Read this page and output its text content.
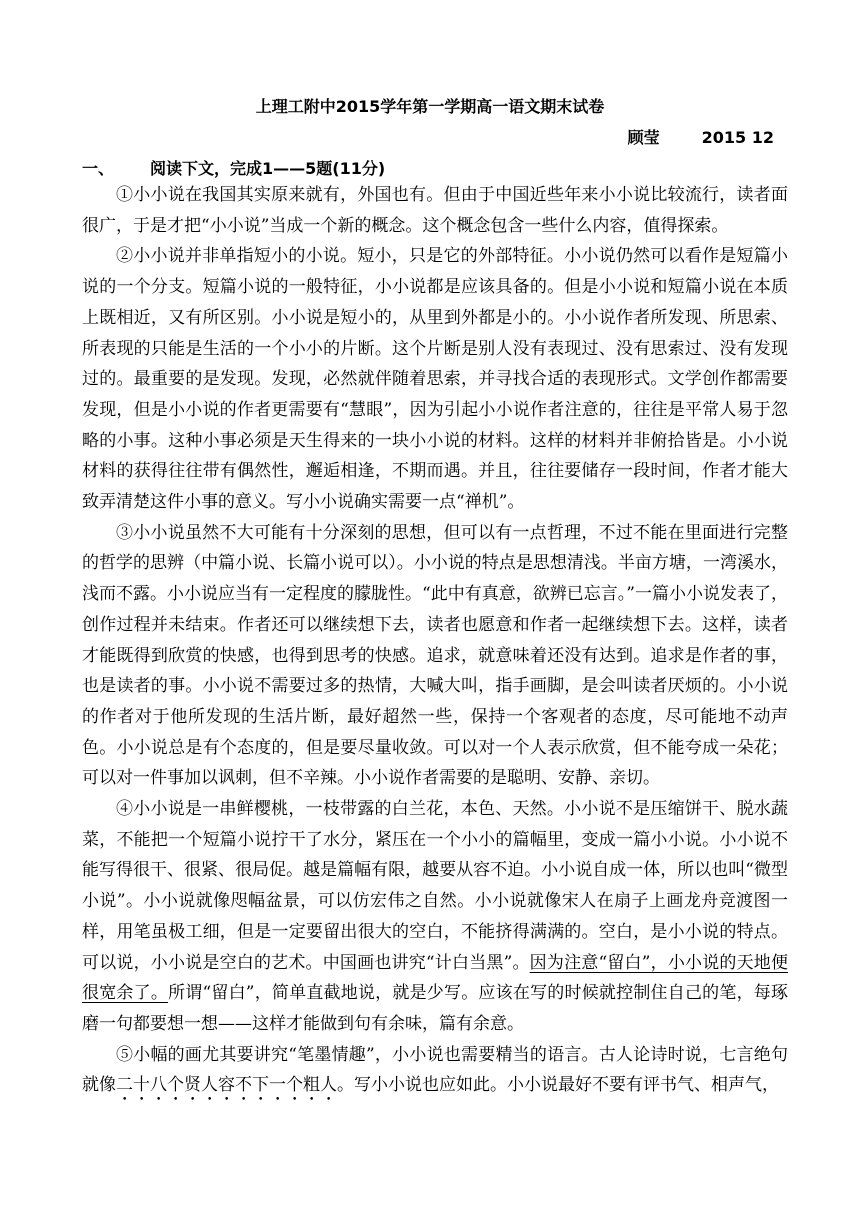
上理工附中2015学年第一学期高一语文期末试卷
顾莹	2015 12
一、 阅读下文，完成1——5题(11分)

①小小说在我国其实原来就有，外国也有。但由于中国近些年来小小说比较流行，读者面很广，于是才把“小小说”当成一个新的概念。这个概念包含一些什么内容，值得探索。

②小小说并非单指短小的小说。短小，只是它的外部特征。小小说仍然可以看作是短篇小说的一个分支。短篇小说的一般特征，小小说都是应该具备的。但是小小说和短篇小说在本质上既相近，又有所区别。小小说是短小的，从里到外都是小的。小小说作者所发现、所思索、所表现的只能是生活的一个小小的片断。这个片断是别人没有表现过、没有思索过、没有发现过的。最重要的是发现。发现，必然就伴随着思索，并寻找合适的表现形式。文学创作都需要发现，但是小小说的作者更需要有“慧眼”，因为引起小小说作者注意的，往往是平常人易于忽略的小事。这种小事必须是天生得来的一块小小说的材料。这样的材料并非俯拾皆是。小小说材料的获得往往带有偶然性，邂逅相逢，不期而遇。并且，往往要储存一段时间，作者才能大致弄清楚这件小事的意义。写小小说确实需要一点“禅机”。

③小小说虽然不大可能有十分深刻的思想，但可以有一点哲理，不过不能在里面进行完整的哲学的思辨（中篇小说、长篇小说可以）。小小说的特点是思想清浅。半亩方塘，一湾溪水，浅而不露。小小说应当有一定程度的朦胧性。“此中有真意，欲辨已忘言。”一篇小小说发表了，创作过程并未结束。作者还可以继续想下去，读者也愿意和作者一起继续想下去。这样，读者才能既得到欣赏的快感，也得到思考的快感。追求，就意味着还没有达到。追求是作者的事，也是读者的事。小小说不需要过多的热情，大喊大叫，指手画脚，是会叫读者厌烦的。小小说的作者对于他所发现的生活片断，最好超然一些，保持一个客观者的态度，尽可能地不动声色。小小说总是有个态度的，但是要尽量收敛。可以对一个人表示欣赏，但不能夸成一朵花；可以对一件事加以讽刺，但不辛辣。小小说作者需要的是聪明、安静、亲切。

④小小说是一串鲜樱桃，一枝带露的白兰花，本色、天然。小小说不是压缩饼干、脱水蔬菜，不能把一个短篇小说拧干了水分，紧压在一个小小的篇幅里，变成一篇小小说。小小说不能写得很干、很紧、很局促。越是篇幅有限，越要从容不迫。小小说自成一体，所以也叫“微型小说”。小小说就像咫幅盆景，可以仿宏伟之自然。小小说就像宋人在扇子上画龙舟竞渡图一样，用笔虽极工细，但是一定要留出很大的空白，不能挤得满满的。空白，是小小说的特点。可以说，小小说是空白的艺术。中国画也讲究“计白当黑”。因为注意“留白”，小小说的天地便很宽余了。所谓“留白”，简单直截地说，就是少写。应该在写的时候就控制住自己的笔，每琢磨一句都要想一想——这样才能做到句有余味，篇有余意。

⑤小幅的画尤其要讲究“笔墨情趣”，小小说也需要精当的语言。古人论诗时说，七言绝句就像二十八个贤人容不下一个粗人。写小小说也应如此。小小说最好不要有评书气、相声气，
